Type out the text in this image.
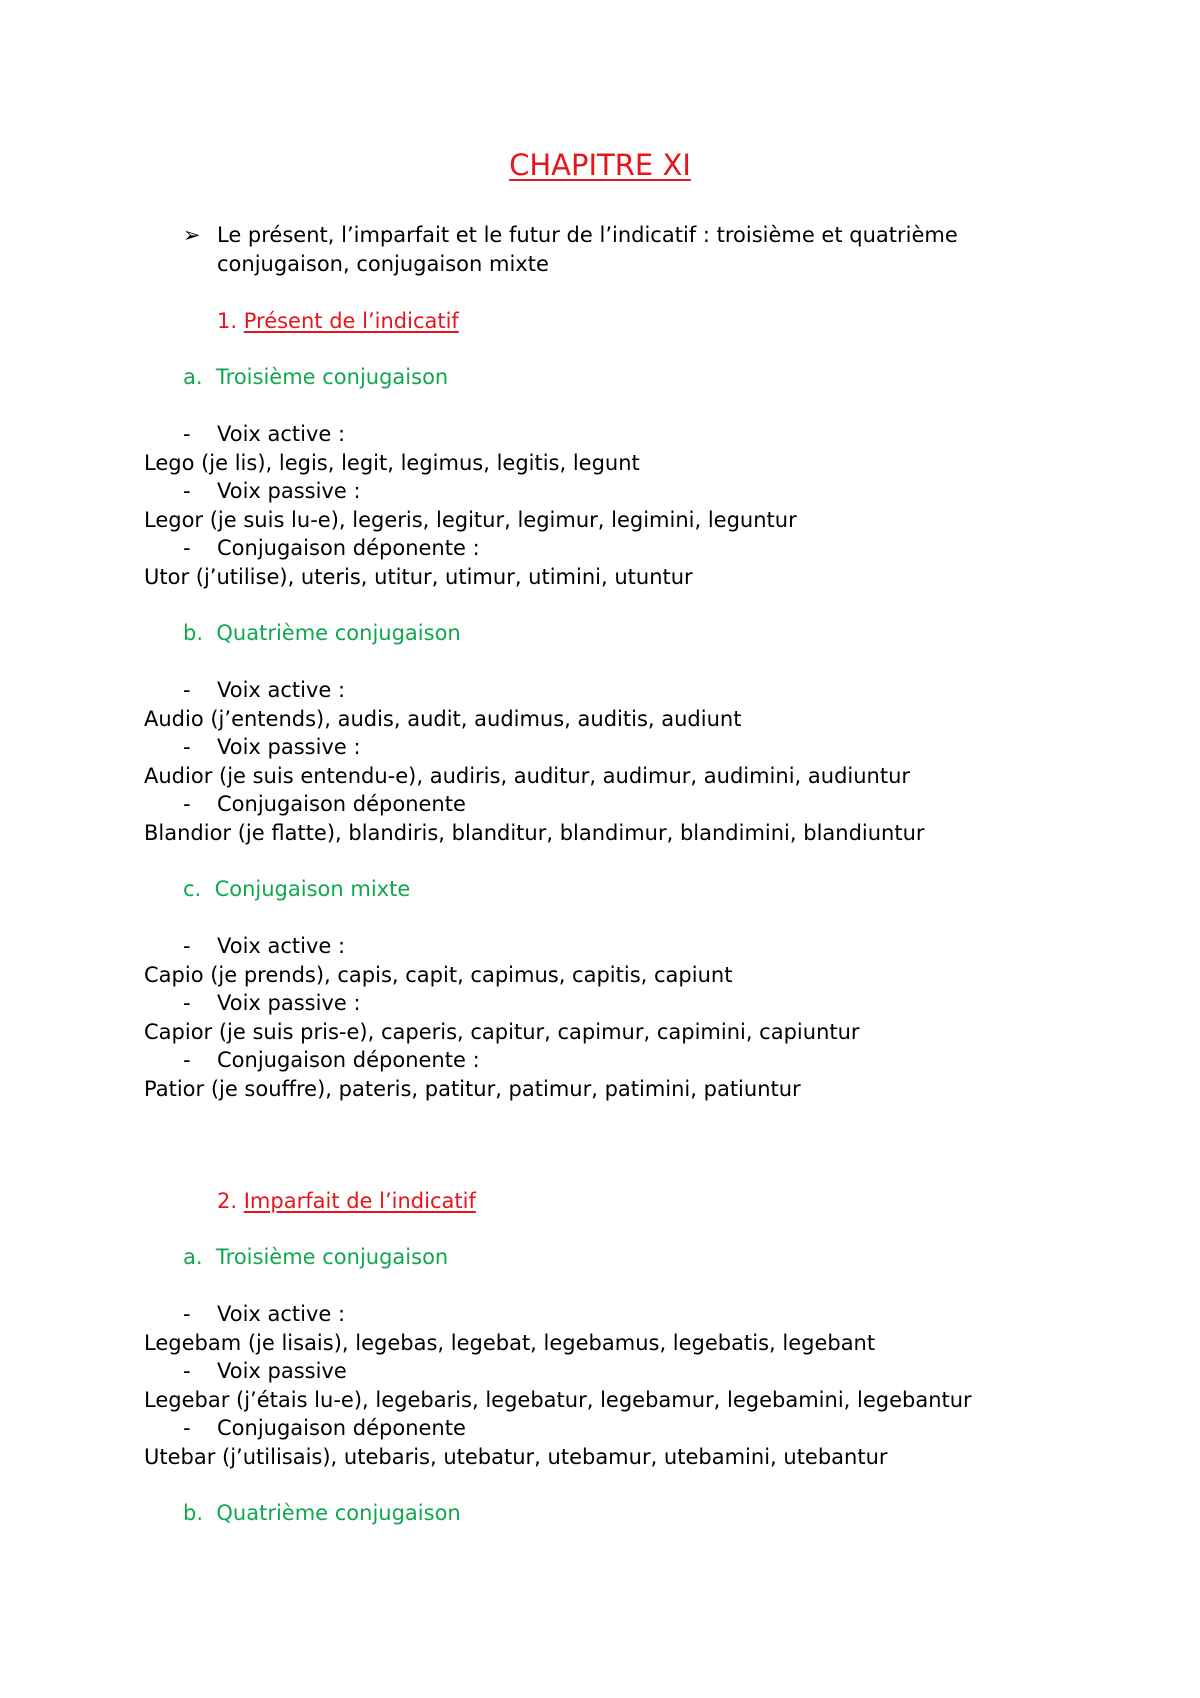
CHAPITRE XI
➢ Le présent, l’imparfait et le futur de l’indicatif : troisième et quatrième conjugaison, conjugaison mixte
1. Présent de l’indicatif
a. Troisième conjugaison
- Voix active :
Lego (je lis), legis, legit, legimus, legitis, legunt
- Voix passive :
Legor (je suis lu-e), legeris, legitur, legimur, legimini, leguntur
- Conjugaison déponente :
Utor (j’utilise), uteris, utitur, utimur, utimini, utuntur
b. Quatrième conjugaison
- Voix active :
Audio (j’entends), audis, audit, audimus, auditis, audiunt
- Voix passive :
Audior (je suis entendu-e), audiris, auditur, audimur, audimini, audiuntur
- Conjugaison déponente
Blandior (je flatte), blandiris, blanditur, blandimur, blandimini, blandiuntur
c. Conjugaison mixte
- Voix active :
Capio (je prends), capis, capit, capimus, capitis, capiunt
- Voix passive :
Capior (je suis pris-e), caperis, capitur, capimur, capimini, capiuntur
- Conjugaison déponente :
Patior (je souffre), pateris, patitur, patimur, patimini, patiuntur
2. Imparfait de l’indicatif
a. Troisième conjugaison
- Voix active :
Legebam (je lisais), legebas, legebat, legebamus, legebatis, legebant
- Voix passive
Legebar (j’étais lu-e), legebaris, legebatur, legebamur, legebamini, legebantur
- Conjugaison déponente
Utebar (j’utilisais), utebaris, utebatur, utebamur, utebamini, utebantur
b. Quatrième conjugaison
